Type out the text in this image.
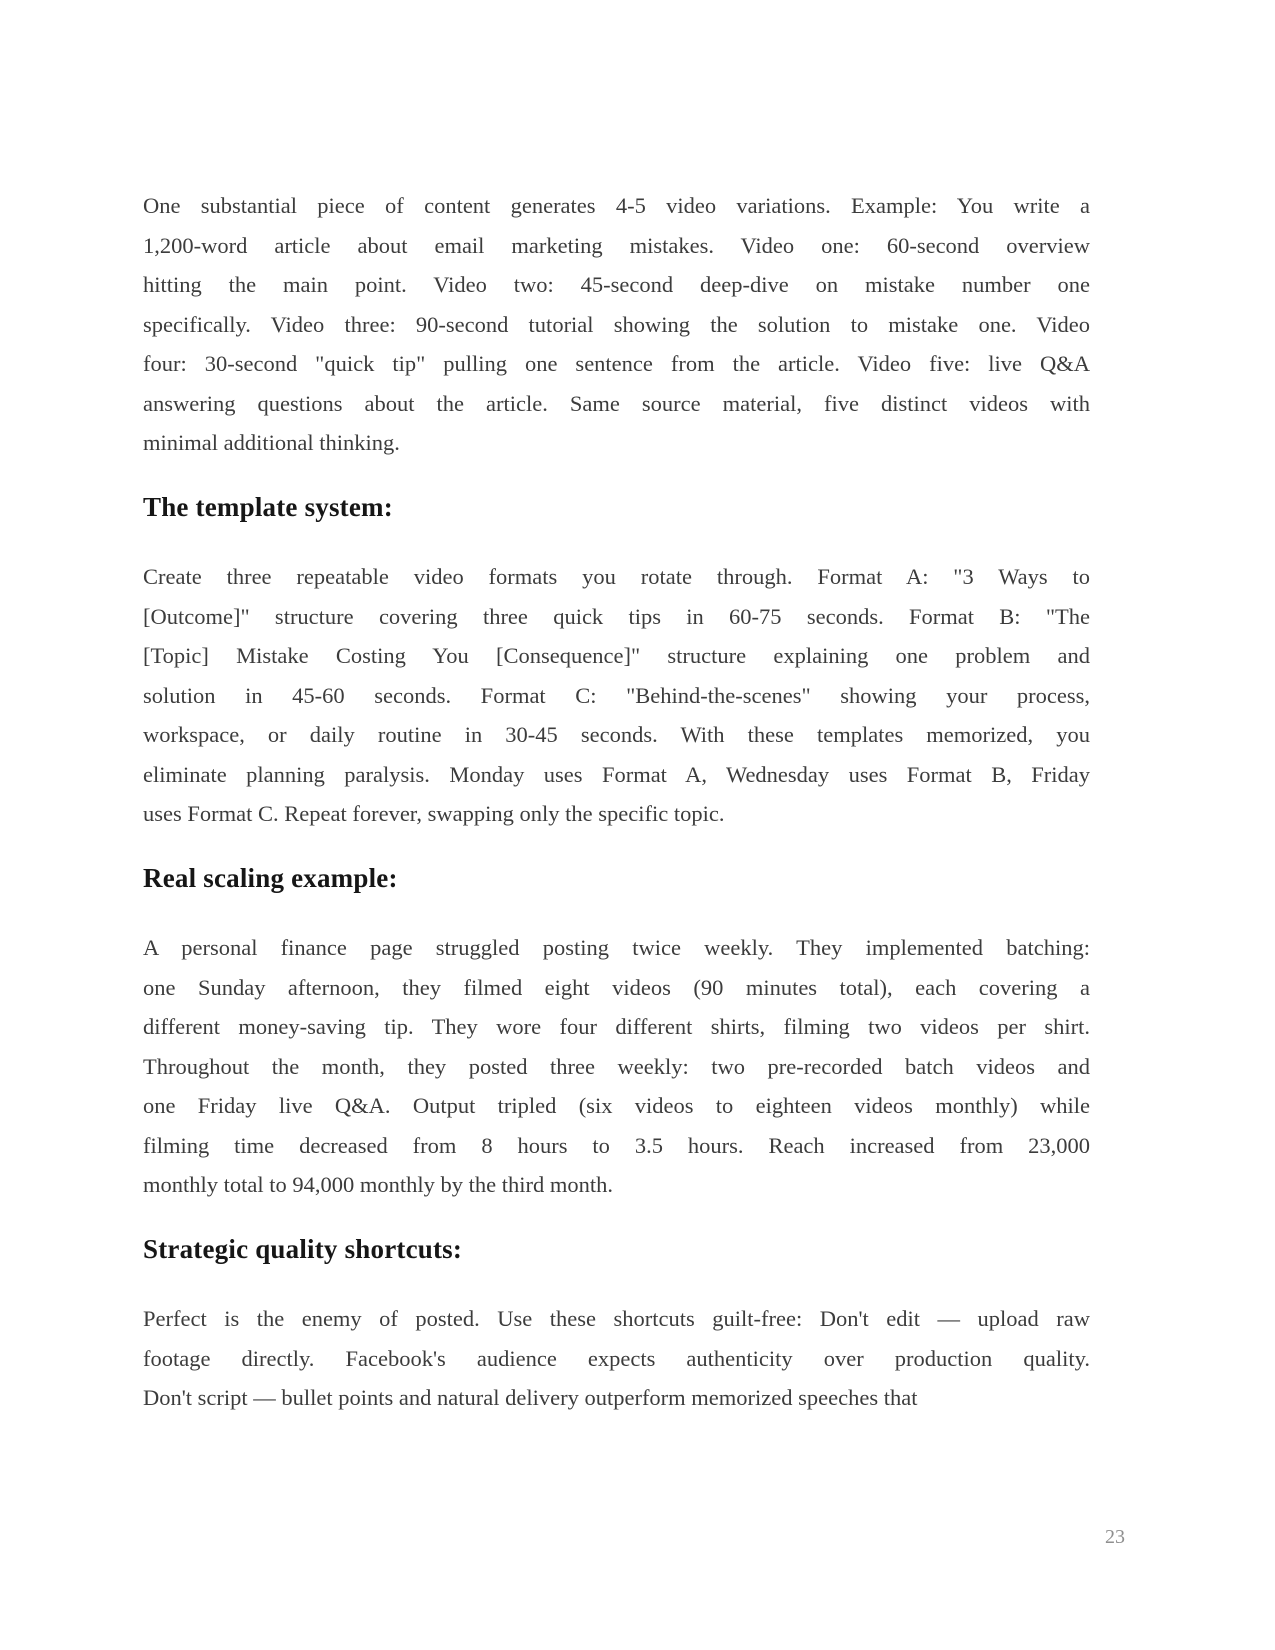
One substantial piece of content generates 4-5 video variations. Example: You write a
1,200-word article about email marketing mistakes. Video one: 60-second overview
hitting the main point. Video two: 45-second deep-dive on mistake number one
specifically. Video three: 90-second tutorial showing the solution to mistake one. Video
four: 30-second "quick tip" pulling one sentence from the article. Video five: live Q&A
answering questions about the article. Same source material, five distinct videos with
minimal additional thinking.

The template system:

Create three repeatable video formats you rotate through. Format A: "3 Ways to
[Outcome]" structure covering three quick tips in 60-75 seconds. Format B: "The
[Topic] Mistake Costing You [Consequence]" structure explaining one problem and
solution in 45-60 seconds. Format C: "Behind-the-scenes" showing your process,
workspace, or daily routine in 30-45 seconds. With these templates memorized, you
eliminate planning paralysis. Monday uses Format A, Wednesday uses Format B, Friday
uses Format C. Repeat forever, swapping only the specific topic.

Real scaling example:

A personal finance page struggled posting twice weekly. They implemented batching:
one Sunday afternoon, they filmed eight videos (90 minutes total), each covering a
different money-saving tip. They wore four different shirts, filming two videos per shirt.
Throughout the month, they posted three weekly: two pre-recorded batch videos and
one Friday live Q&A. Output tripled (six videos to eighteen videos monthly) while
filming time decreased from 8 hours to 3.5 hours. Reach increased from 23,000
monthly total to 94,000 monthly by the third month.

Strategic quality shortcuts:

Perfect is the enemy of posted. Use these shortcuts guilt-free: Don't edit — upload raw
footage directly. Facebook's audience expects authenticity over production quality.
Don't script — bullet points and natural delivery outperform memorized speeches that

23
